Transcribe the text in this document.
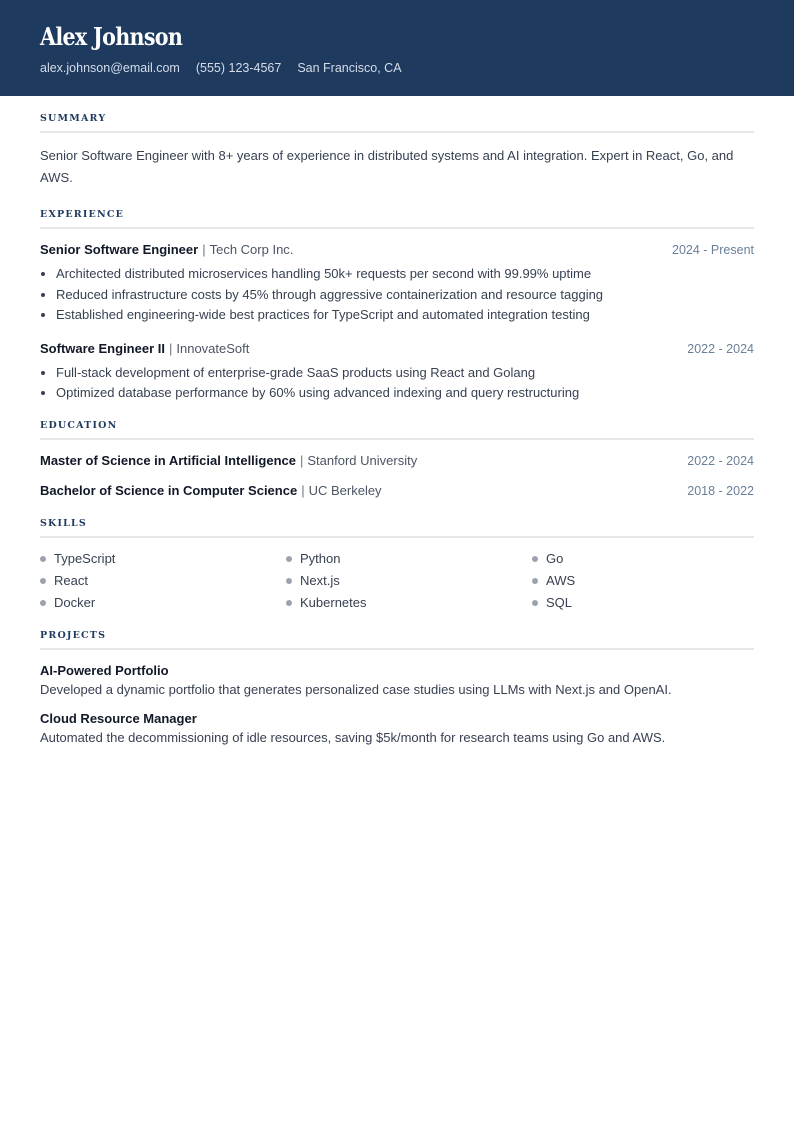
Alex Johnson
alex.johnson@email.com (555) 123-4567 San Francisco, CA
SUMMARY

Senior Software Engineer with 8+ years of experience in distributed systems and AI integration. Expert in React, Go, and AWS.

EXPERIENCE
Senior Software Engineer | Tech Corp Inc.	2024 - Present
• Architected distributed microservices handling 50k+ requests per second with 99.99% uptime
• Reduced infrastructure costs by 45% through aggressive containerization and resource tagging
• Established engineering-wide best practices for TypeScript and automated integration testing
Software Engineer II | InnovateSoft	2022 - 2024
• Full-stack development of enterprise-grade SaaS products using React and Golang
• Optimized database performance by 60% using advanced indexing and query restructuring
EDUCATION
Master of Science in Artificial Intelligence | Stanford University	2022 - 2024
Bachelor of Science in Computer Science | UC Berkeley	2018 - 2022
SKILLS
TypeScript	Python	Go
React	Next.js	AWS
Docker	Kubernetes	SQL
PROJECTS
AI-Powered Portfolio
Developed a dynamic portfolio that generates personalized case studies using LLMs with Next.js and OpenAI.
Cloud Resource Manager
Automated the decommissioning of idle resources, saving $5k/month for research teams using Go and AWS.
